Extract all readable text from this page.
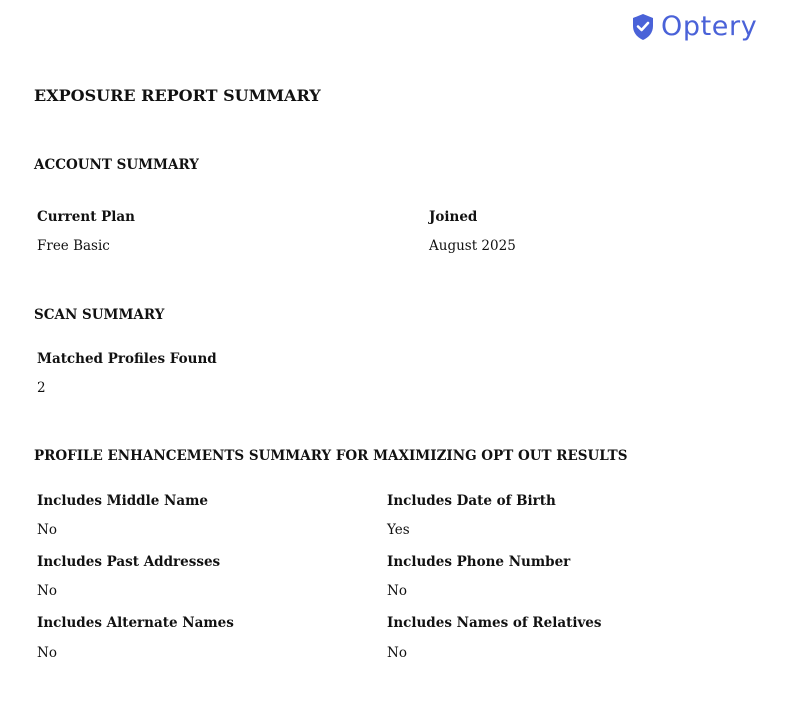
Optery
EXPOSURE REPORT SUMMARY
ACCOUNT SUMMARY
Current Plan
Free Basic
Joined
August 2025
SCAN SUMMARY
Matched Profiles Found
2
PROFILE ENHANCEMENTS SUMMARY FOR MAXIMIZING OPT OUT RESULTS
Includes Middle Name
No
Includes Date of Birth
Yes
Includes Past Addresses
No
Includes Phone Number
No
Includes Alternate Names
No
Includes Names of Relatives
No
